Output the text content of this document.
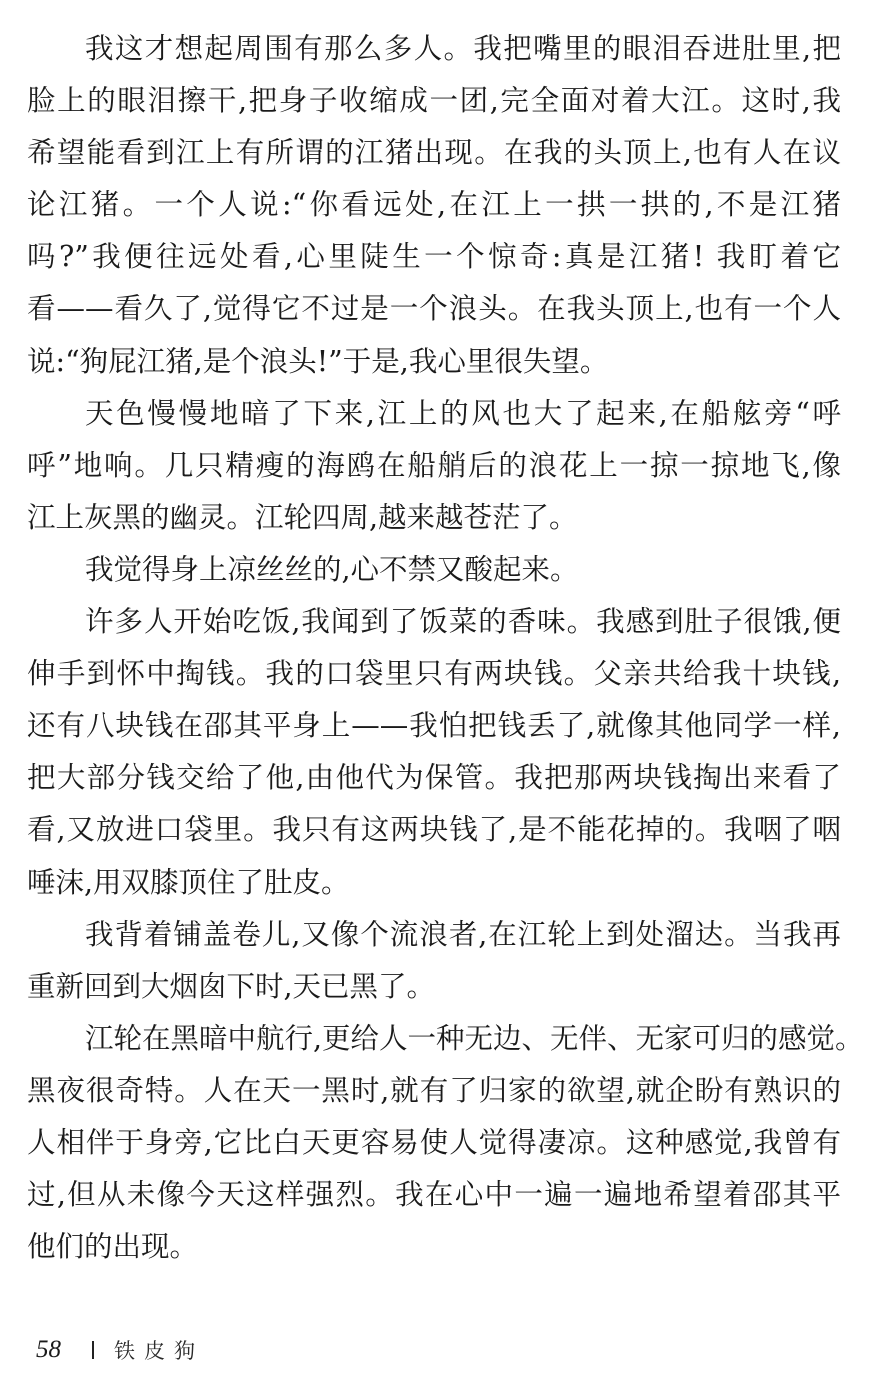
我这才想起周围有那么多人。我把嘴里的眼泪吞进肚里,把
脸上的眼泪擦干,把身子收缩成一团,完全面对着大江。这时,我
希望能看到江上有所谓的江猪出现。在我的头顶上,也有人在议
论江猪。一个人说:“你看远处,在江上一拱一拱的,不是江猪
吗?”我便往远处看,心里陡生一个惊奇:真是江猪! 我盯着它
看——看久了,觉得它不过是一个浪头。在我头顶上,也有一个人
说:“狗屁江猪,是个浪头!”于是,我心里很失望。
天色慢慢地暗了下来,江上的风也大了起来,在船舷旁“呼
呼”地响。几只精瘦的海鸥在船艄后的浪花上一掠一掠地飞,像
江上灰黑的幽灵。江轮四周,越来越苍茫了。
我觉得身上凉丝丝的,心不禁又酸起来。
许多人开始吃饭,我闻到了饭菜的香味。我感到肚子很饿,便
伸手到怀中掏钱。我的口袋里只有两块钱。父亲共给我十块钱,
还有八块钱在邵其平身上——我怕把钱丢了,就像其他同学一样,
把大部分钱交给了他,由他代为保管。我把那两块钱掏出来看了
看,又放进口袋里。我只有这两块钱了,是不能花掉的。我咽了咽
唾沫,用双膝顶住了肚皮。
我背着铺盖卷儿,又像个流浪者,在江轮上到处溜达。当我再
重新回到大烟囱下时,天已黑了。
江轮在黑暗中航行,更给人一种无边、无伴、无家可归的感觉。
黑夜很奇特。人在天一黑时,就有了归家的欲望,就企盼有熟识的
人相伴于身旁,它比白天更容易使人觉得凄凉。这种感觉,我曾有
过,但从未像今天这样强烈。我在心中一遍一遍地希望着邵其平
他们的出现。
58	铁皮狗
